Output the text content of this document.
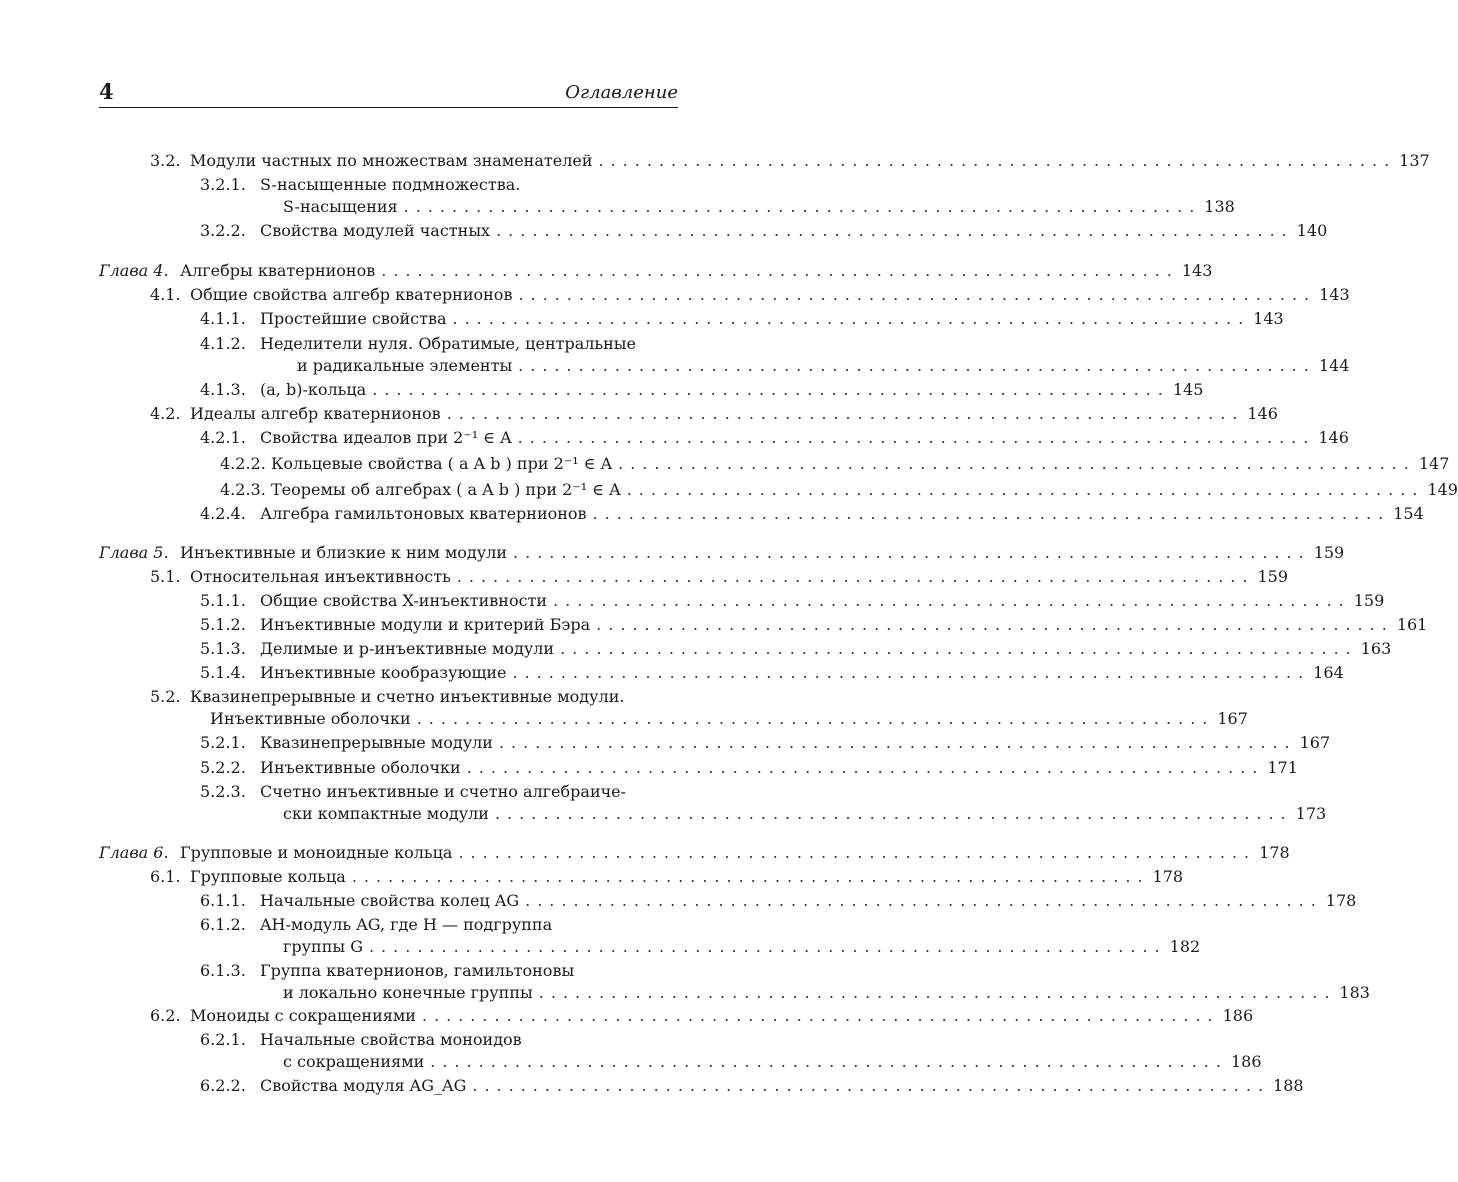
4	Оглавление
3.2. Модули частных по множествам знаменателей .................................................................. 137
3.2.1. S-насыщенные подмножества.
S-насыщения .................................................................. 138
3.2.2. Свойства модулей частных .................................................................. 140
Глава 4. Алгебры кватернионов .................................................................. 143
4.1. Общие свойства алгебр кватернионов .................................................................. 143
4.1.1. Простейшие свойства .................................................................. 143
4.1.2. Неделители нуля. Обратимые, центральные
и радикальные элементы .................................................................. 144
4.1.3. (a, b)-кольца .................................................................. 145
4.2. Идеалы алгебр кватернионов .................................................................. 146
4.2.1. Свойства идеалов при 2⁻¹ ∈ A .................................................................. 146
4.2.2. Кольцевые свойства ( a A b ) при 2⁻¹ ∈ A .................................................................. 147
4.2.3. Теоремы об алгебрах ( a A b ) при 2⁻¹ ∈ A .................................................................. 149
4.2.4. Алгебра гамильтоновых кватернионов .................................................................. 154
Глава 5. Инъективные и близкие к ним модули .................................................................. 159
5.1. Относительная инъективность .................................................................. 159
5.1.1. Общие свойства X-инъективности .................................................................. 159
5.1.2. Инъективные модули и критерий Бэра .................................................................. 161
5.1.3. Делимые и p-инъективные модули .................................................................. 163
5.1.4. Инъективные кообразующие .................................................................. 164
5.2. Квазинепрерывные и счетно инъективные модули.
Инъективные оболочки .................................................................. 167
5.2.1. Квазинепрерывные модули .................................................................. 167
5.2.2. Инъективные оболочки .................................................................. 171
5.2.3. Счетно инъективные и счетно алгебраиче-
ски компактные модули .................................................................. 173
Глава 6. Групповые и моноидные кольца .................................................................. 178
6.1. Групповые кольца .................................................................. 178
6.1.1. Начальные свойства колец AG .................................................................. 178
6.1.2. AH-модуль AG, где H — подгруппа
группы G .................................................................. 182
6.1.3. Группа кватернионов, гамильтоновы
и локально конечные группы .................................................................. 183
6.2. Моноиды с сокращениями .................................................................. 186
6.2.1. Начальные свойства моноидов
с сокращениями .................................................................. 186
6.2.2. Свойства модуля AG_AG .................................................................. 188
